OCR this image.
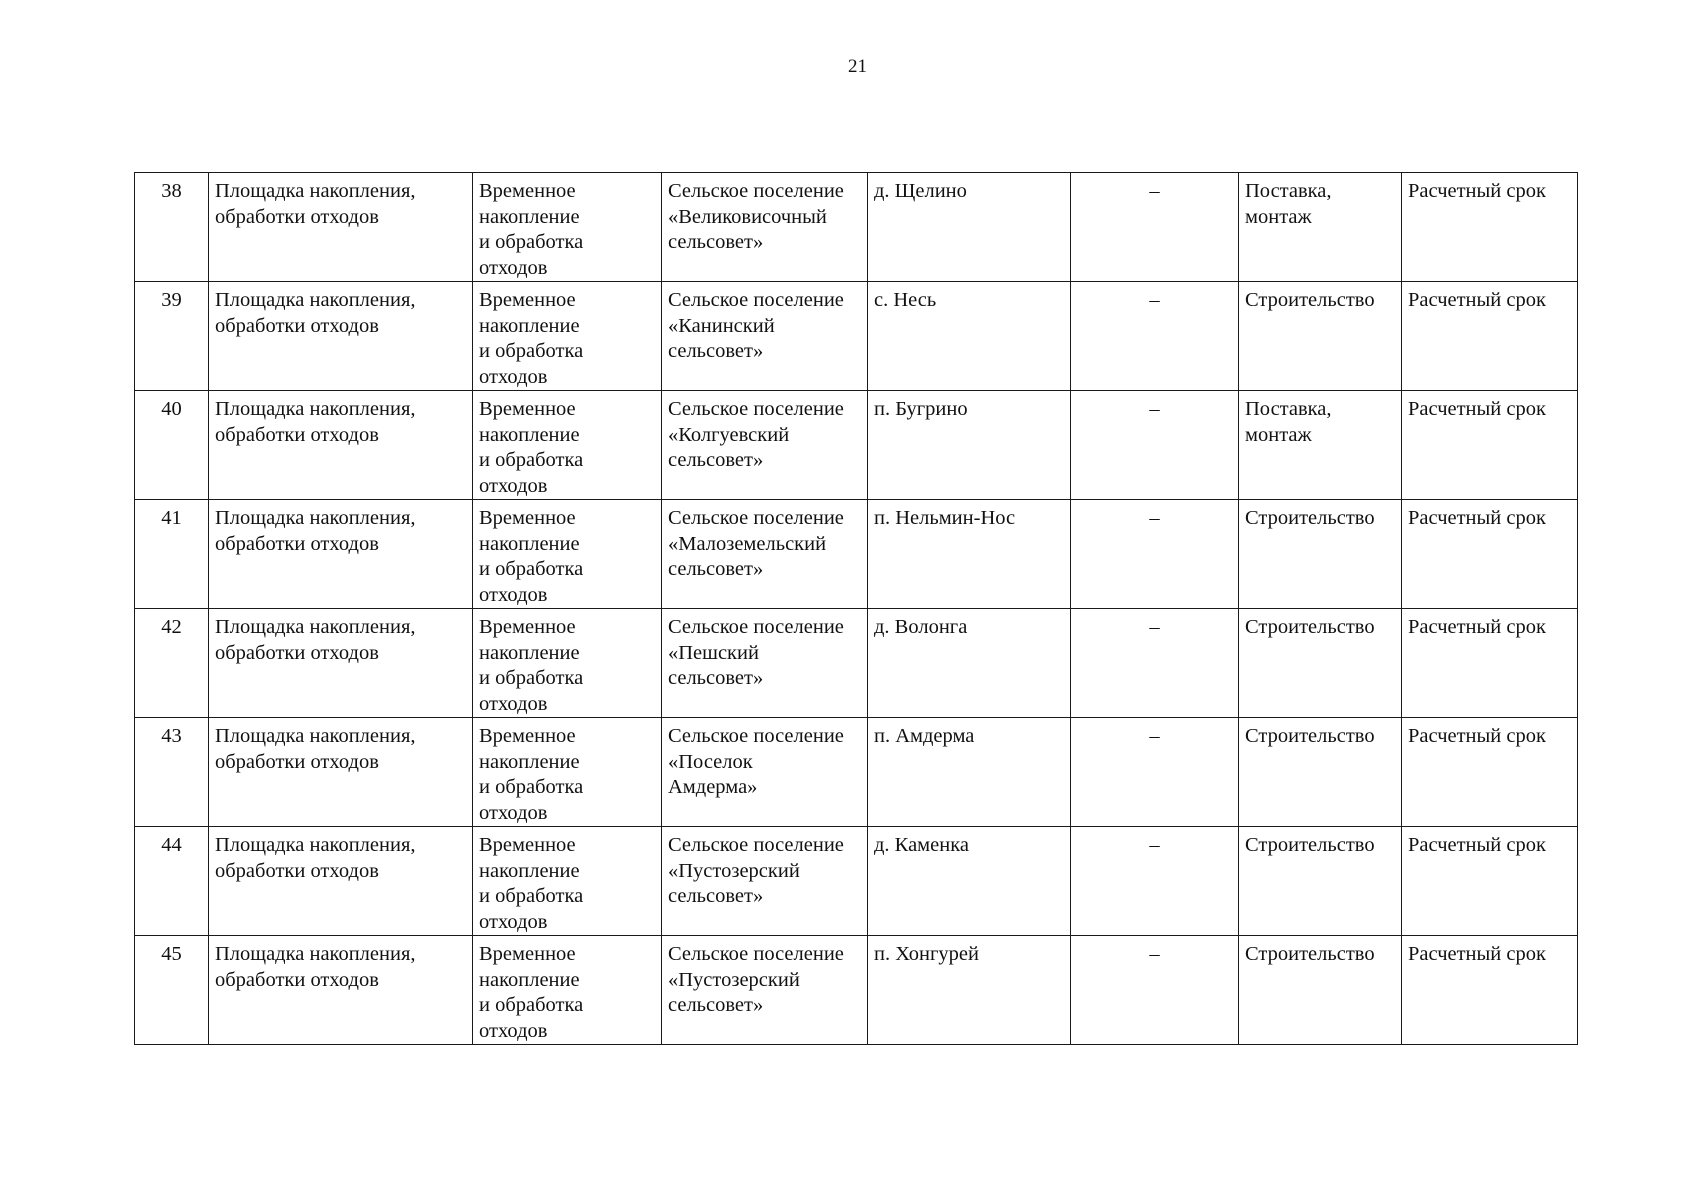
21
38	Площадка накопления,
обработки отходов	Временное
накопление
и обработка
отходов	Сельское поселение
«Великовисочный
сельсовет»	д. Щелино	–	Поставка,
монтаж	Расчетный срок
39	Площадка накопления,
обработки отходов	Временное
накопление
и обработка
отходов	Сельское поселение
«Канинский
сельсовет»	с. Несь	–	Строительство	Расчетный срок
40	Площадка накопления,
обработки отходов	Временное
накопление
и обработка
отходов	Сельское поселение
«Колгуевский
сельсовет»	п. Бугрино	–	Поставка,
монтаж	Расчетный срок
41	Площадка накопления,
обработки отходов	Временное
накопление
и обработка
отходов	Сельское поселение
«Малоземельский
сельсовет»	п. Нельмин-Нос	–	Строительство	Расчетный срок
42	Площадка накопления,
обработки отходов	Временное
накопление
и обработка
отходов	Сельское поселение
«Пешский
сельсовет»	д. Волонга	–	Строительство	Расчетный срок
43	Площадка накопления,
обработки отходов	Временное
накопление
и обработка
отходов	Сельское поселение
«Поселок
Амдерма»	п. Амдерма	–	Строительство	Расчетный срок
44	Площадка накопления,
обработки отходов	Временное
накопление
и обработка
отходов	Сельское поселение
«Пустозерский
сельсовет»	д. Каменка	–	Строительство	Расчетный срок
45	Площадка накопления,
обработки отходов	Временное
накопление
и обработка
отходов	Сельское поселение
«Пустозерский
сельсовет»	п. Хонгурей	–	Строительство	Расчетный срок
